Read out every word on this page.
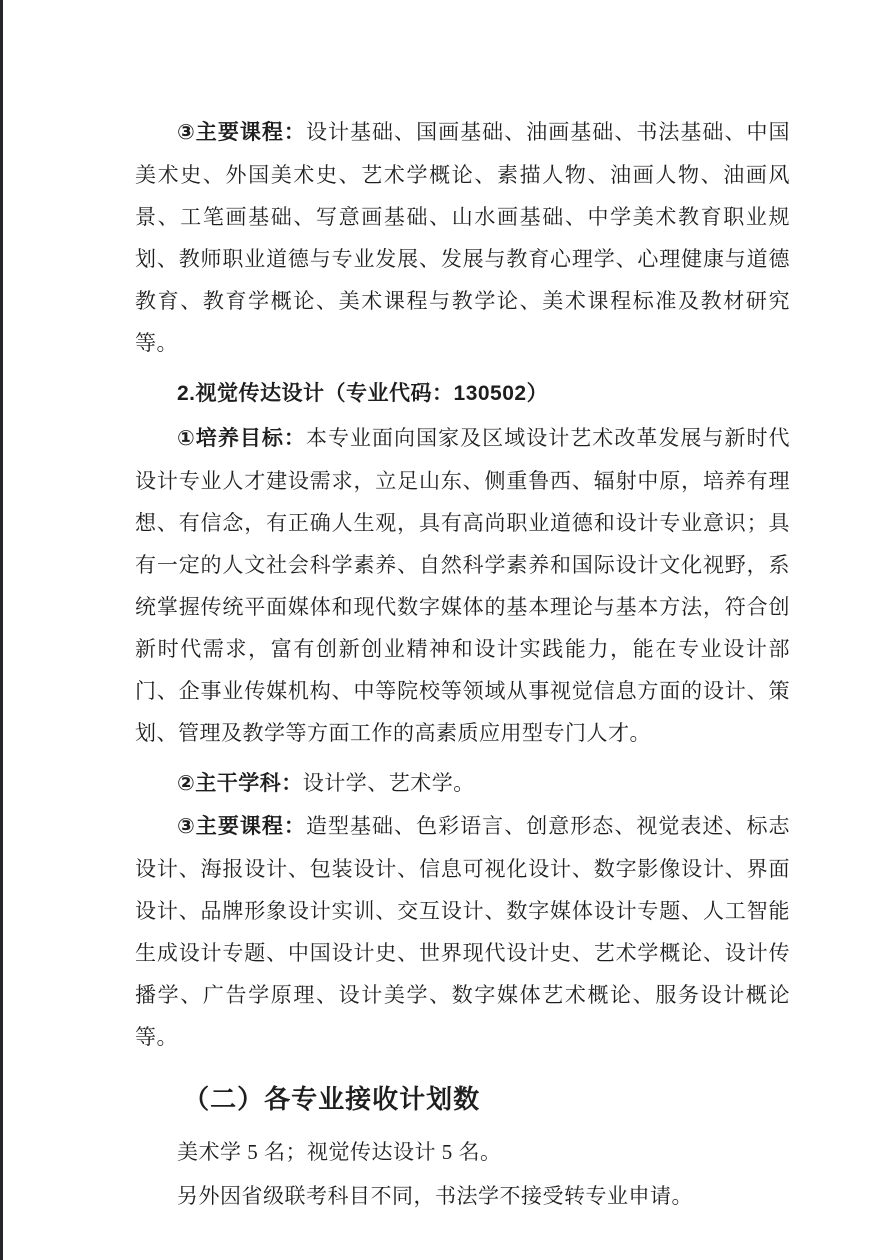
③主要课程：设计基础、国画基础、油画基础、书法基础、中国美术史、外国美术史、艺术学概论、素描人物、油画人物、油画风景、工笔画基础、写意画基础、山水画基础、中学美术教育职业规划、教师职业道德与专业发展、发展与教育心理学、心理健康与道德教育、教育学概论、美术课程与教学论、美术课程标准及教材研究等。

2.视觉传达设计（专业代码：130502）

①培养目标：本专业面向国家及区域设计艺术改革发展与新时代设计专业人才建设需求，立足山东、侧重鲁西、辐射中原，培养有理想、有信念，有正确人生观，具有高尚职业道德和设计专业意识；具有一定的人文社会科学素养、自然科学素养和国际设计文化视野，系统掌握传统平面媒体和现代数字媒体的基本理论与基本方法，符合创新时代需求，富有创新创业精神和设计实践能力，能在专业设计部门、企事业传媒机构、中等院校等领域从事视觉信息方面的设计、策划、管理及教学等方面工作的高素质应用型专门人才。

②主干学科：设计学、艺术学。

③主要课程：造型基础、色彩语言、创意形态、视觉表述、标志设计、海报设计、包装设计、信息可视化设计、数字影像设计、界面设计、品牌形象设计实训、交互设计、数字媒体设计专题、人工智能生成设计专题、中国设计史、世界现代设计史、艺术学概论、设计传播学、广告学原理、设计美学、数字媒体艺术概论、服务设计概论等。

（二）各专业接收计划数

美术学 5 名；视觉传达设计 5 名。

另外因省级联考科目不同，书法学不接受转专业申请。
